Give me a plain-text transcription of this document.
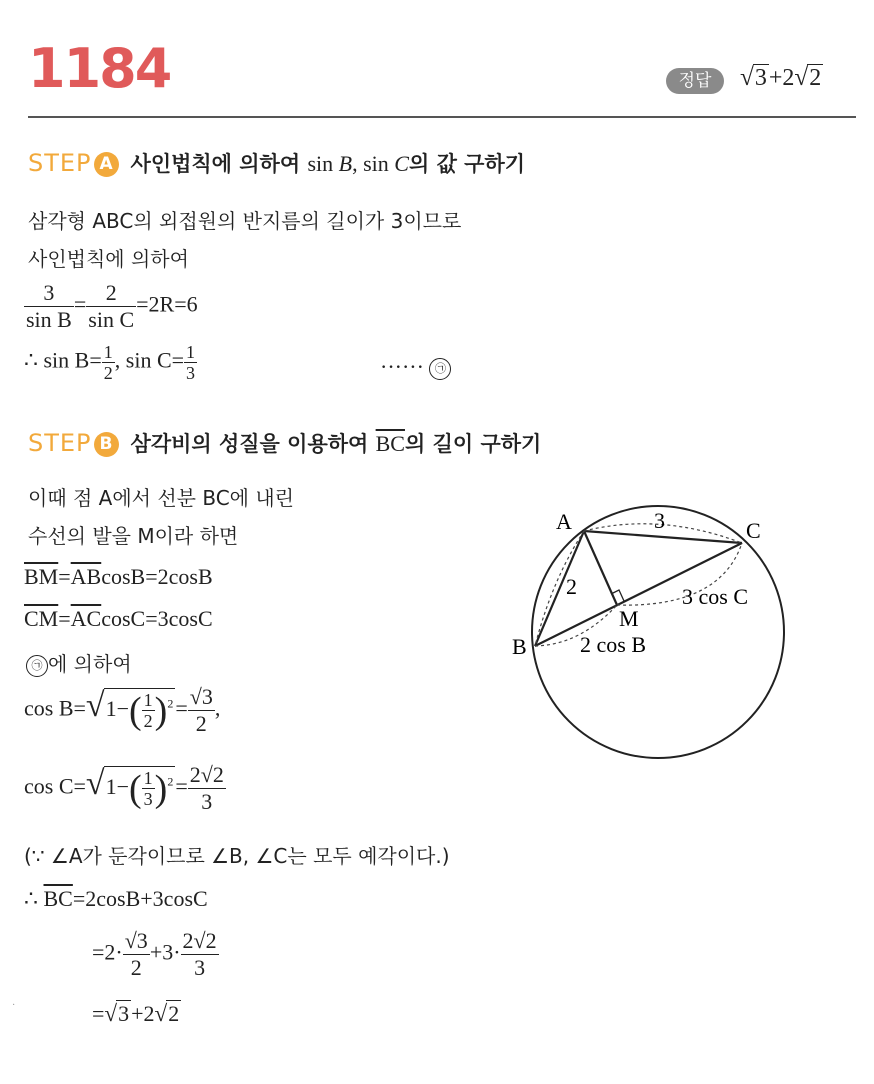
1184	정답	√3+2√2
STEP A 사인법칙에 의하여 sin B, sin C의 값 구하기
삼각형 ABC의 외접원의 반지름의 길이가 3이므로
사인법칙에 의하여
$\frac{3}{\text{sin B}} = \frac{2}{\text{sin C}} =2R=6$
∴ $\sin B= \frac{1}{2}$ , $\sin C= \frac{1}{3}$	······ ㉠
STEP B 삼각비의 성질을 이용하여 $\overline{BC}$의 길이 구하기
이때 점 A에서 선분 BC에 내린
수선의 발을 M이라 하면
$\overline{BM}=\overline{AB}\cos B=2\cos B$
$\overline{CM}=\overline{AC}\cos C=3\cos C$
㉠ 에 의하여
$\cos B=√1-( \frac{1}{2} )^2= \frac{√3}{2}$ ,
$\cos C=√1-( \frac{1}{3} )^2= \frac{2√2}{3}$
(∵ ∠A가 둔각이므로 ∠B, ∠C는 모두 예각이다.)
∴ $\overline{BC}=2\cos B+3\cos C$
$=2\cdot \frac{√3}{2} +3\cdot \frac{2√2}{3}$
=√3+2√2
A	C
B
M
3
2
2 cos B
3 cos C
·
